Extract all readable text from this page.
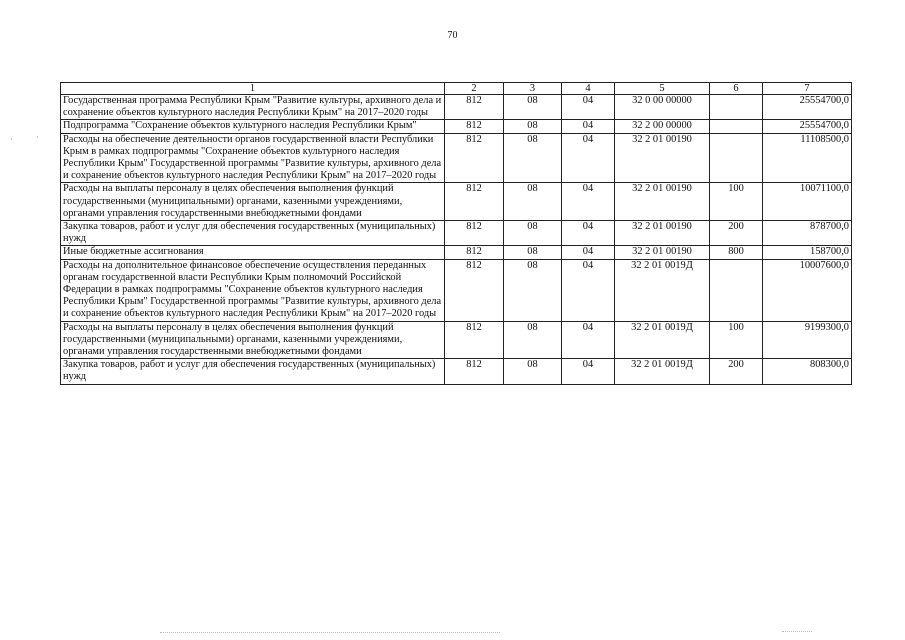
70
·
·
1	2	3	4	5	6	7
Государственная программа Республики Крым "Развитие культуры, архивного дела и сохранение объектов культурного наследия Республики Крым" на 2017–2020 годы	812	08	04	32 0 00 00000		25554700,0
Подпрограмма "Сохранение объектов культурного наследия Республики Крым"	812	08	04	32 2 00 00000		25554700,0
Расходы на обеспечение деятельности органов государственной власти Республики Крым в рамках подпрограммы "Сохранение объектов культурного наследия Республики Крым" Государственной программы "Развитие культуры, архивного дела и сохранение объектов культурного наследия Республики Крым" на 2017–2020 годы	812	08	04	32 2 01 00190		11108500,0
Расходы на выплаты персоналу в целях обеспечения выполнения функций государственными (муниципальными) органами, казенными учреждениями, органами управления государственными внебюджетными фондами	812	08	04	32 2 01 00190	100	10071100,0
Закупка товаров, работ и услуг для обеспечения государственных (муниципальных) нужд	812	08	04	32 2 01 00190	200	878700,0
Иные бюджетные ассигнования	812	08	04	32 2 01 00190	800	158700,0
Расходы на дополнительное финансовое обеспечение осуществления переданных органам государственной власти Республики Крым полномочий Российской Федерации в рамках подпрограммы "Сохранение объектов культурного наследия Республики Крым" Государственной программы "Развитие культуры, архивного дела и сохранение объектов культурного наследия Республики Крым" на 2017–2020 годы	812	08	04	32 2 01 0019Д		10007600,0
Расходы на выплаты персоналу в целях обеспечения выполнения функций государственными (муниципальными) органами, казенными учреждениями, органами управления государственными внебюджетными фондами	812	08	04	32 2 01 0019Д	100	9199300,0
Закупка товаров, работ и услуг для обеспечения государственных (муниципальных) нужд	812	08	04	32 2 01 0019Д	200	808300,0
